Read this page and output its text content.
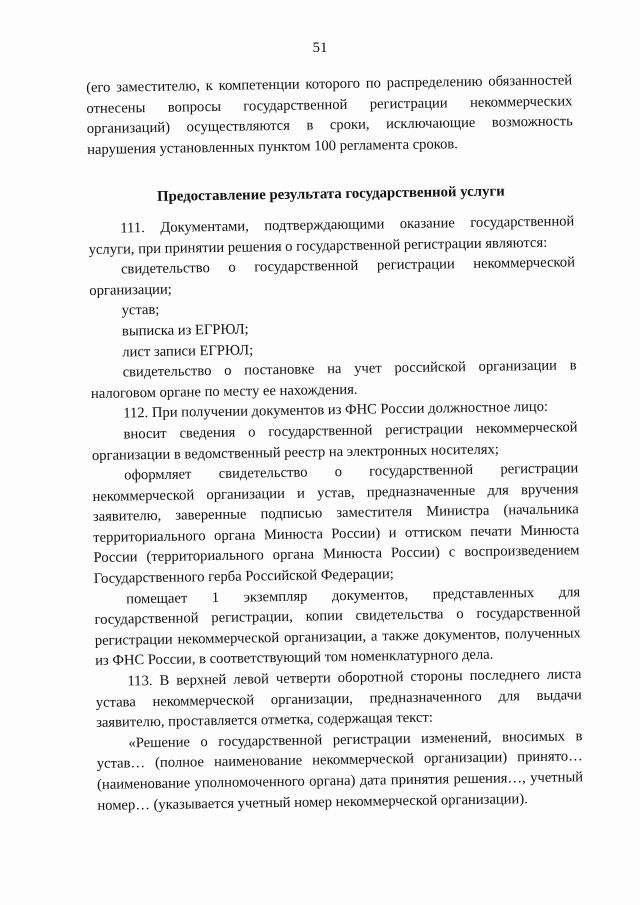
51

(его заместителю, к компетенции которого по распределению обязанностей отнесены вопросы государственной регистрации некоммерческих организаций) осуществляются в сроки, исключающие возможность нарушения установленных пунктом 100 регламента сроков.

Предоставление результата государственной услуги

111. Документами, подтверждающими оказание государственной услуги, при принятии решения о государственной регистрации являются:

свидетельство о государственной регистрации некоммерческой организации;

устав;

выписка из ЕГРЮЛ;

лист записи ЕГРЮЛ;

свидетельство о постановке на учет российской организации в налоговом органе по месту ее нахождения.

112. При получении документов из ФНС России должностное лицо:

вносит сведения о государственной регистрации некоммерческой организации в ведомственный реестр на электронных носителях;

оформляет свидетельство о государственной регистрации некоммерческой организации и устав, предназначенные для вручения заявителю, заверенные подписью заместителя Министра (начальника территориального органа Минюста России) и оттиском печати Минюста России (территориального органа Минюста России) с воспроизведением Государственного герба Российской Федерации;

помещает 1 экземпляр документов, представленных для государственной регистрации, копии свидетельства о государственной регистрации некоммерческой организации, а также документов, полученных из ФНС России, в соответствующий том номенклатурного дела.

113. В верхней левой четверти оборотной стороны последнего листа устава некоммерческой организации, предназначенного для выдачи заявителю, проставляется отметка, содержащая текст:

«Решение о государственной регистрации изменений, вносимых в устав… (полное наименование некоммерческой организации) принято… (наименование уполномоченного органа) дата принятия решения…, учетный номер… (указывается учетный номер некоммерческой организации).
